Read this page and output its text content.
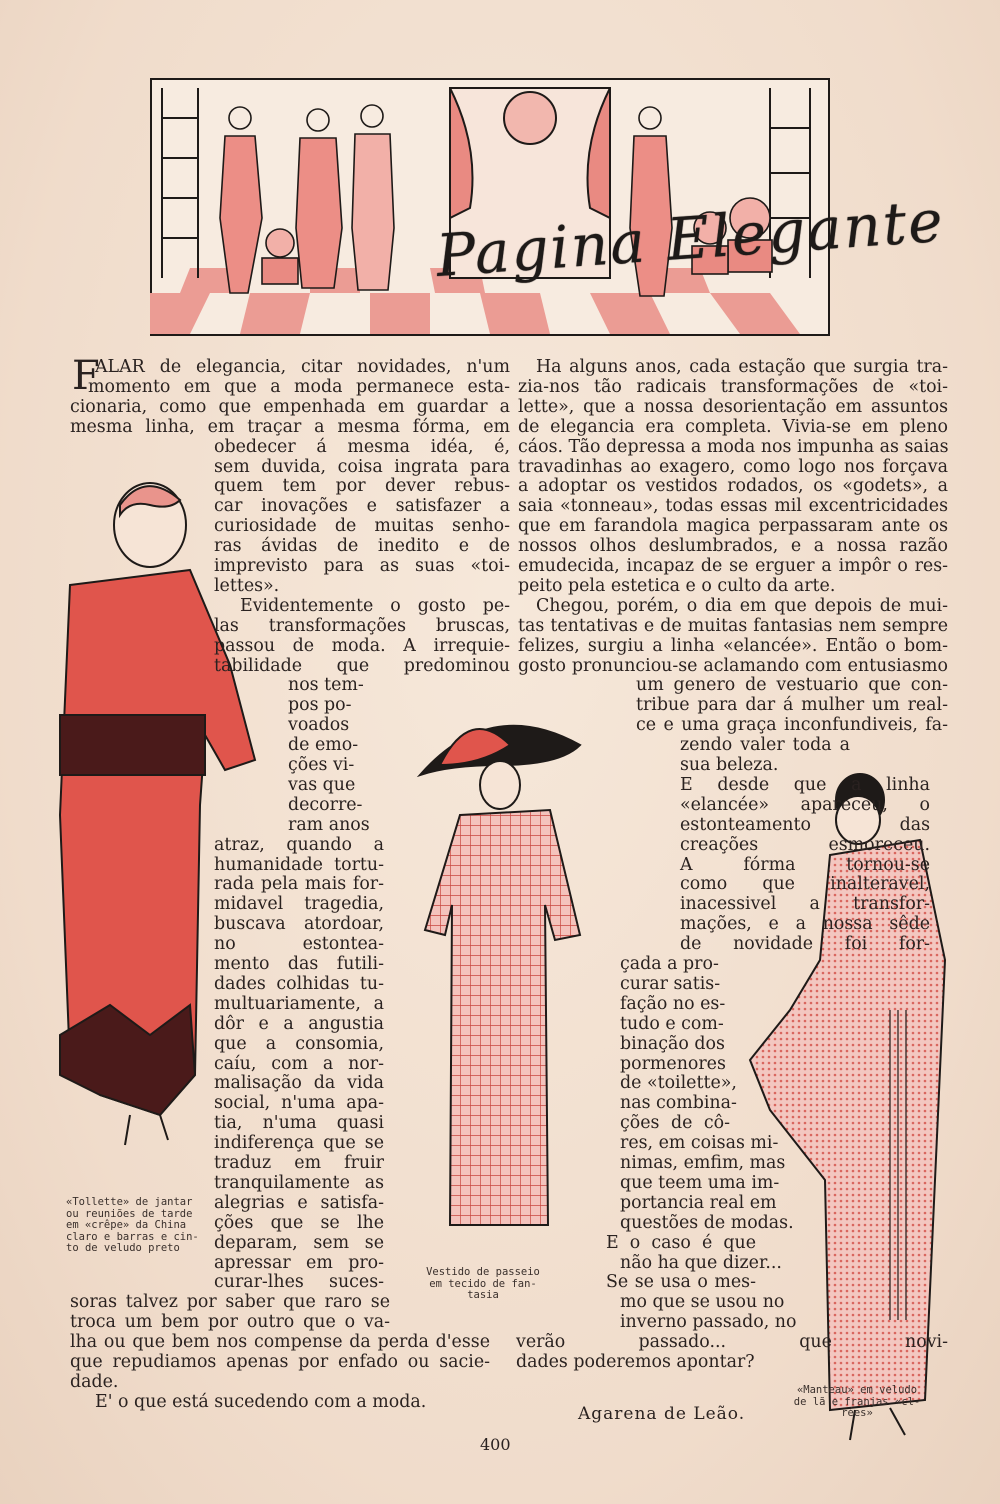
Pagina Elegante
F
ALAR de elegancia, citar novidades, n'um
momento em que a moda permanece esta-
cionaria, como que empenhada em guardar a
mesma linha, em traçar a mesma fórma, em
obedecer á mesma idéa, é,
sem duvida, coisa ingrata para
quem tem por dever rebus-
car inovações e satisfazer a
curiosidade de muitas senho-
ras ávidas de inedito e de
imprevisto para as suas «toi-
lettes».
Evidentemente o gosto pe-
las transformações bruscas,
passou de moda. A irrequie-
tabilidade que predominou
nos tem-
pos po-
voados
de emo-
ções vi-
vas que
decorre-
ram anos
atraz, quando a
humanidade tortu-
rada pela mais for-
midavel tragedia,
buscava atordoar,
no estontea-
mento das futili-
dades colhidas tu-
multuariamente, a
dôr e a angustia
que a consomia,
caíu, com a nor-
malisação da vida
social, n'uma apa-
tia, n'uma quasi
indiferença que se
traduz em fruir
tranquilamente as
alegrias e satisfa-
ções que se lhe
deparam, sem se
apressar em pro-
curar-lhes suces-
soras talvez por saber que raro se
troca um bem por outro que o va-
lha ou que bem nos compense da perda d'esse
que repudiamos apenas por enfado ou sacie-
dade.
E' o que está sucedendo com a moda.
Ha alguns anos, cada estação que surgia tra-
zia-nos tão radicais transformações de «toi-
lette», que a nossa desorientação em assuntos
de elegancia era completa. Vivia-se em pleno
cáos. Tão depressa a moda nos impunha as saias
travadinhas ao exagero, como logo nos forçava
a adoptar os vestidos rodados, os «godets», a
saia «tonneau», todas essas mil excentricidades
que em farandola magica perpassaram ante os
nossos olhos deslumbrados, e a nossa razão
emudecida, incapaz de se erguer a impôr o res-
peito pela estetica e o culto da arte.
Chegou, porém, o dia em que depois de mui-
tas tentativas e de muitas fantasias nem sempre
felizes, surgiu a linha «elancée». Então o bom-
gosto pronunciou-se aclamando com entusiasmo
um genero de vestuario que con-
tribue para dar á mulher um real-
ce e uma graça inconfundiveis, fa-
zendo valer toda a
sua beleza.
E desde que a linha
«elancée» apareceu, o
estonteamento das
creações esmoreceu.
A fórma tornou-se
como que inalteravel,
inacessivel a transfor-
mações, e a nossa sêde
de novidade foi for-
çada a pro-
curar satis-
fação no es-
tudo e com-
binação dos
pormenores
de «toilette»,
nas combina-
ções de cô-
res, em coisas mi-
nimas, emfim, mas
que teem uma im-
portancia real em
questões de modas.
E o caso é que
não ha que dizer...
Se se usa o mes-
mo que se usou no
inverno passado, no
verão passado... que novi-
dades poderemos apontar?
«Tollette» de jantar
ou reuniões de tarde
em «crêpe» da China
claro e barras e cin-
to de veludo preto
Vestido de passeio
em tecido de fan-
tasia
«Manteau» em veludo
de lã e franjas «cl-
rées»
Agarena de Leão.
400
